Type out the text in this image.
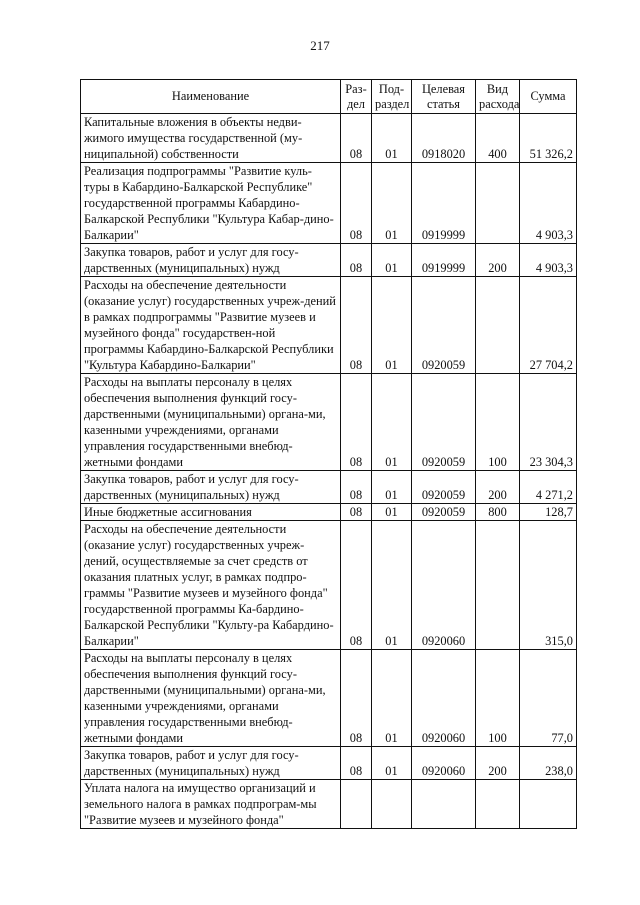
217
Наименование	Раз-дел	Под-раздел	Целевая статья	Вид расхода	Сумма
Капитальные вложения в объекты недви-жимого имущества государственной (му-ниципальной) собственности	08	01	0918020	400	51 326,2
Реализация подпрограммы "Развитие куль-туры в Кабардино-Балкарской Республике" государственной программы Кабардино-Балкарской Республики "Культура Кабар-дино-Балкарии"	08	01	0919999		4 903,3
Закупка товаров, работ и услуг для госу-дарственных (муниципальных) нужд	08	01	0919999	200	4 903,3
Расходы на обеспечение деятельности (оказание услуг) государственных учреж-дений в рамках подпрограммы "Развитие музеев и музейного фонда" государствен-ной программы Кабардино-Балкарской Республики "Культура Кабардино-Балкарии"	08	01	0920059		27 704,2
Расходы на выплаты персоналу в целях обеспечения выполнения функций госу-дарственными (муниципальными) органа-ми, казенными учреждениями, органами управления государственными внебюд-жетными фондами	08	01	0920059	100	23 304,3
Закупка товаров, работ и услуг для госу-дарственных (муниципальных) нужд	08	01	0920059	200	4 271,2
Иные бюджетные ассигнования	08	01	0920059	800	128,7
Расходы на обеспечение деятельности (оказание услуг) государственных учреж-дений, осуществляемые за счет средств от оказания платных услуг, в рамках подпро-граммы "Развитие музеев и музейного фонда" государственной программы Ка-бардино-Балкарской Республики "Культу-ра Кабардино-Балкарии"	08	01	0920060		315,0
Расходы на выплаты персоналу в целях обеспечения выполнения функций госу-дарственными (муниципальными) органа-ми, казенными учреждениями, органами управления государственными внебюд-жетными фондами	08	01	0920060	100	77,0
Закупка товаров, работ и услуг для госу-дарственных (муниципальных) нужд	08	01	0920060	200	238,0
Уплата налога на имущество организаций и земельного налога в рамках подпрограм-мы "Развитие музеев и музейного фонда"					
